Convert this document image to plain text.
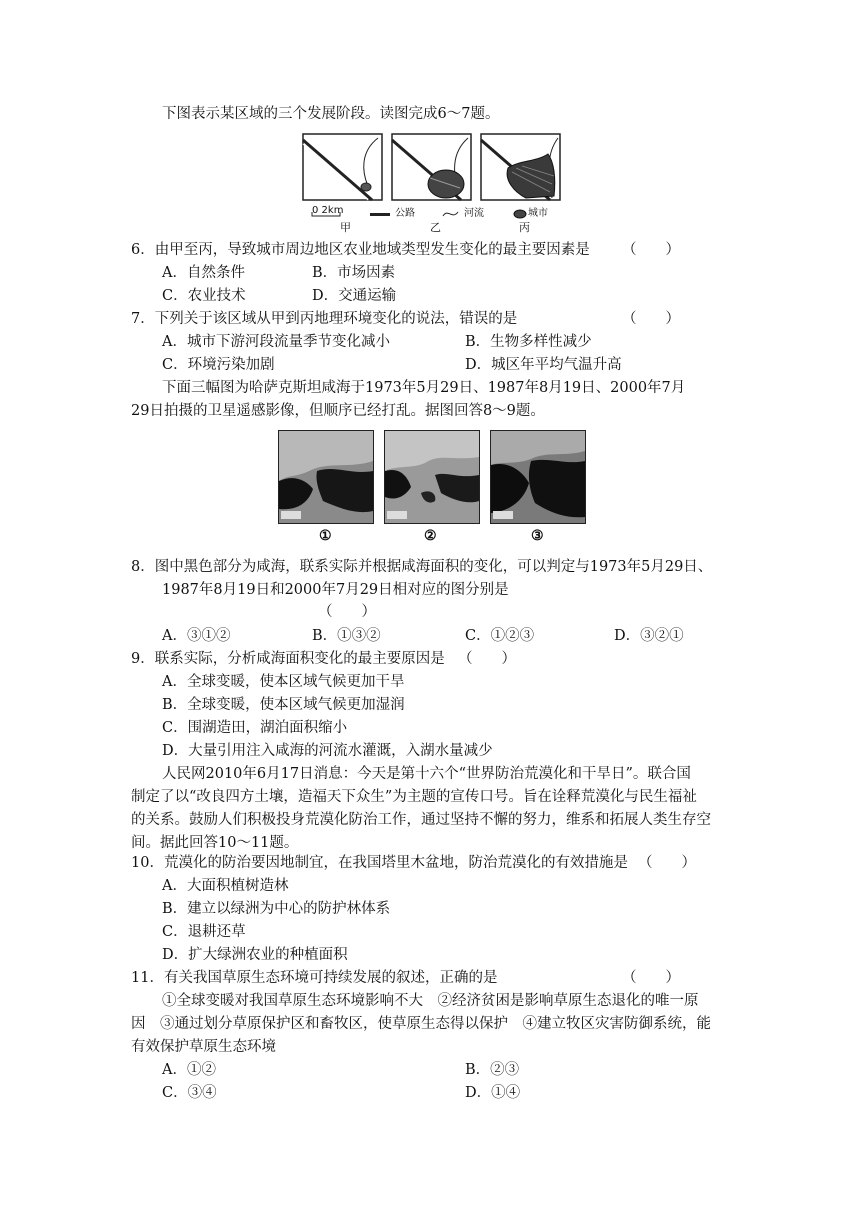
下图表示某区域的三个发展阶段。读图完成6～7题。
0 2km	公路	河流	城市
甲	乙	丙
6．由甲至丙，导致城市周边地区农业地域类型发生变化的最主要因素是 （　　）
A．自然条件	B．市场因素
C．农业技术	D．交通运输
7．下列关于该区域从甲到丙地理环境变化的说法，错误的是	（　　）
A．城市下游河段流量季节变化减小	B．生物多样性减少
C．环境污染加剧	D．城区年平均气温升高
下面三幅图为哈萨克斯坦咸海于1973年5月29日、1987年8月19日、2000年7月
29日拍摄的卫星遥感影像，但顺序已经打乱。据图回答8～9题。
①	②	③
8．图中黑色部分为咸海，联系实际并根据咸海面积的变化，可以判定与1973年5月29日、
1987年8月19日和2000年7月29日相对应的图分别是
（　　）
A．③①②	B．①③②	C．①②③	D．③②①
9．联系实际，分析咸海面积变化的最主要原因是 （　　）
A．全球变暖，使本区域气候更加干旱
B．全球变暖，使本区域气候更加湿润
C．围湖造田，湖泊面积缩小
D．大量引用注入咸海的河流水灌溉，入湖水量减少
人民网2010年6月17日消息：今天是第十六个“世界防治荒漠化和干旱日”。联合国
制定了以“改良四方土壤，造福天下众生”为主题的宣传口号。旨在诠释荒漠化与民生福祉
的关系。鼓励人们积极投身荒漠化防治工作，通过坚持不懈的努力，维系和拓展人类生存空
间。据此回答10～11题。
10．荒漠化的防治要因地制宜，在我国塔里木盆地，防治荒漠化的有效措施是 （　　）
A．大面积植树造林
B．建立以绿洲为中心的防护林体系
C．退耕还草
D．扩大绿洲农业的种植面积
11．有关我国草原生态环境可持续发展的叙述，正确的是	（　　）
①全球变暖对我国草原生态环境影响不大　②经济贫困是影响草原生态退化的唯一原
因　③通过划分草原保护区和畜牧区，使草原生态得以保护　④建立牧区灾害防御系统，能
有效保护草原生态环境
A．①②	B．②③
C．③④	D．①④
